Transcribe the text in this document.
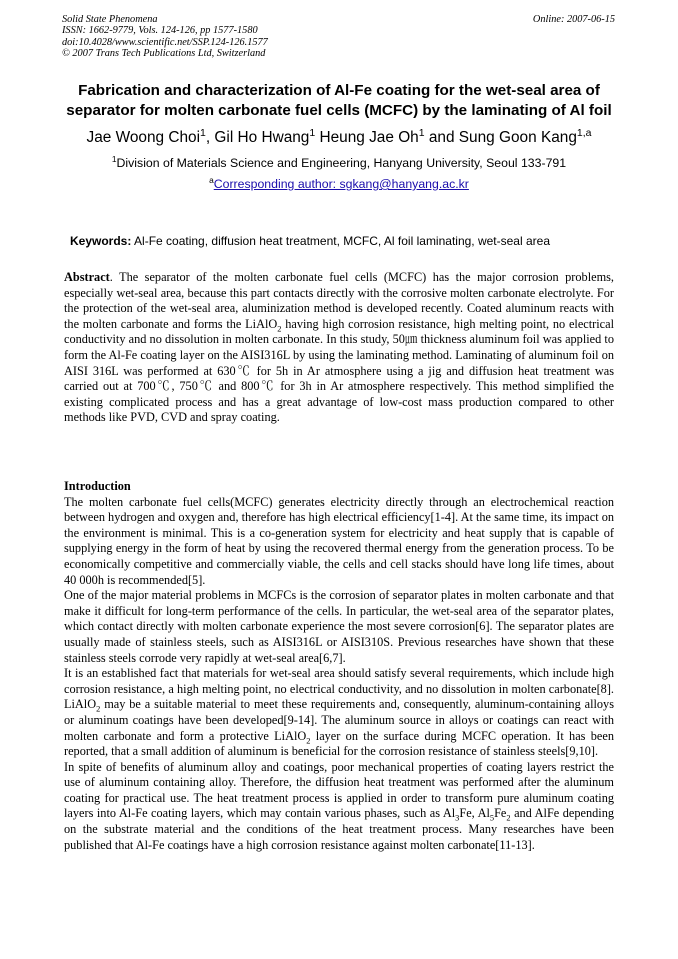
Solid State Phenomena
ISSN: 1662-9779, Vols. 124-126, pp 1577-1580
doi:10.4028/www.scientific.net/SSP.124-126.1577
© 2007 Trans Tech Publications Ltd, Switzerland
Online: 2007-06-15
Fabrication and characterization of Al-Fe coating for the wet-seal area of
separator for molten carbonate fuel cells (MCFC) by the laminating of Al foil
Jae Woong Choi$^1$, Gil Ho Hwang$^1$ Heung Jae Oh$^1$ and Sung Goon Kang$^{1,a}$
$^1$Division of Materials Science and Engineering, Hanyang University, Seoul 133-791
$^a$Corresponding author: sgkang@hanyang.ac.kr
Keywords: Al-Fe coating, diffusion heat treatment, MCFC, Al foil laminating, wet-seal area

Abstract. The separator of the molten carbonate fuel cells (MCFC) has the major corrosion problems, especially wet-seal area, because this part contacts directly with the corrosive molten carbonate electrolyte. For the protection of the wet-seal area, aluminization method is developed recently. Coated aluminum reacts with the molten carbonate and forms the LiAlO$_2$ having high corrosion resistance, high melting point, no electrical conductivity and no dissolution in molten carbonate. In this study, 50㎛ thickness aluminum foil was applied to form the Al-Fe coating layer on the AISI316L by using the laminating method. Laminating of aluminum foil on AISI 316L was performed at 630℃ for 5h in Ar atmosphere using a jig and diffusion heat treatment was carried out at 700℃, 750℃ and 800℃ for 3h in Ar atmosphere respectively. This method simplified the existing complicated process and has a great advantage of low-cost mass production compared to other methods like PVD, CVD and spray coating.

Introduction

The molten carbonate fuel cells(MCFC) generates electricity directly through an electrochemical reaction between hydrogen and oxygen and, therefore has high electrical efficiency[1-4]. At the same time, its impact on the environment is minimal. This is a co-generation system for electricity and heat supply that is capable of supplying energy in the form of heat by using the recovered thermal energy from the generation process. To be economically competitive and commercially viable, the cells and cell stacks should have long life times, about 40 000h is recommended[5].

One of the major material problems in MCFCs is the corrosion of separator plates in molten carbonate and that make it difficult for long-term performance of the cells. In particular, the wet-seal area of the separator plates, which contact directly with molten carbonate experience the most severe corrosion[6]. The separator plates are usually made of stainless steels, such as AISI316L or AISI310S. Previous researches have shown that these stainless steels corrode very rapidly at wet-seal area[6,7].

It is an established fact that materials for wet-seal area should satisfy several requirements, which include high corrosion resistance, a high melting point, no electrical conductivity, and no dissolution in molten carbonate[8]. LiAlO$_2$ may be a suitable material to meet these requirements and, consequently, aluminum-containing alloys or aluminum coatings have been developed[9-14]. The aluminum source in alloys or coatings can react with molten carbonate and form a protective LiAlO$_2$ layer on the surface during MCFC operation. It has been reported, that a small addition of aluminum is beneficial for the corrosion resistance of stainless steels[9,10].

In spite of benefits of aluminum alloy and coatings, poor mechanical properties of coating layers restrict the use of aluminum containing alloy. Therefore, the diffusion heat treatment was performed after the aluminum coating for practical use. The heat treatment process is applied in order to transform pure aluminum coating layers into Al-Fe coating layers, which may contain various phases, such as $Al_3Fe$, $Al_5Fe_2$ and AlFe depending on the substrate material and the conditions of the heat treatment process. Many researches have been published that Al-Fe coatings have a high corrosion resistance against molten carbonate[11-13].
